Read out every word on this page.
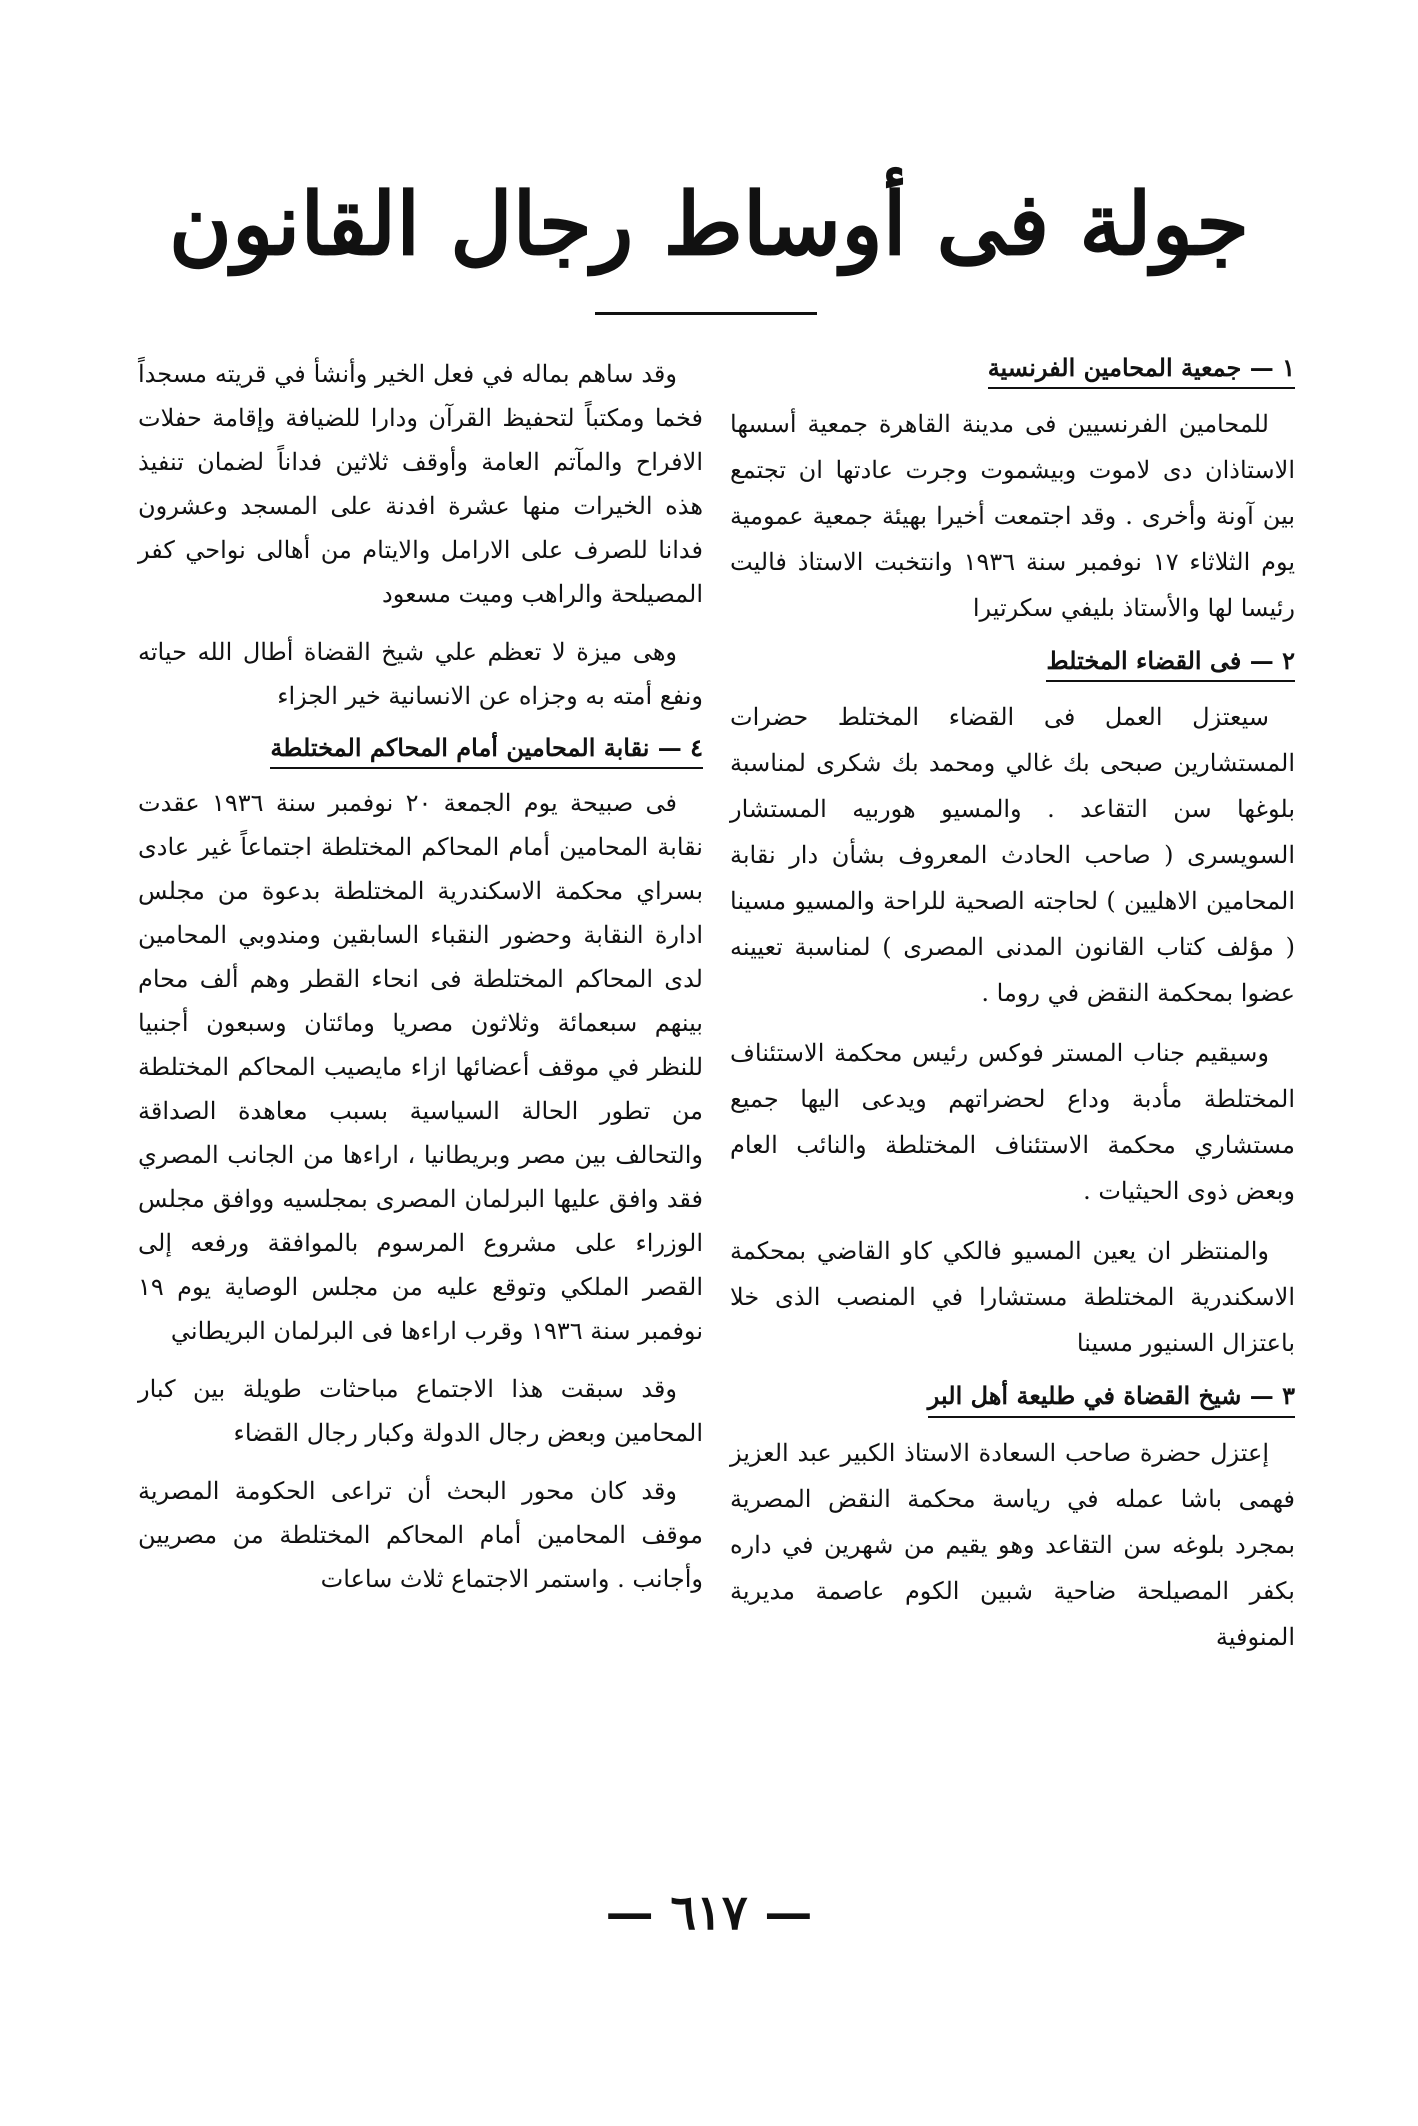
جولة فى أوساط رجال القانون
١ — جمعية المحامين الفرنسية

للمحامين الفرنسيين فى مدينة القاهرة جمعية أسسها الاستاذان دى لاموت وبيشموت وجرت عادتها ان تجتمع بين آونة وأخرى . وقد اجتمعت أخيرا بهيئة جمعية عمومية يوم الثلاثاء ١٧ نوفمبر سنة ١٩٣٦ وانتخبت الاستاذ فاليت رئيسا لها والأستاذ بليفي سكرتيرا

٢ — فى القضاء المختلط

سيعتزل العمل فى القضاء المختلط حضرات المستشارين صبحى بك غالي ومحمد بك شكرى لمناسبة بلوغها سن التقاعد . والمسيو هوربيه المستشار السويسرى ( صاحب الحادث المعروف بشأن دار نقابة المحامين الاهليين ) لحاجته الصحية للراحة والمسيو مسينا ( مؤلف كتاب القانون المدنى المصرى ) لمناسبة تعيينه عضوا بمحكمة النقض في روما .

وسيقيم جناب المستر فوكس رئيس محكمة الاستئناف المختلطة مأدبة وداع لحضراتهم ويدعى اليها جميع مستشاري محكمة الاستئناف المختلطة والنائب العام وبعض ذوى الحيثيات .

والمنتظر ان يعين المسيو فالكي كاو القاضي بمحكمة الاسكندرية المختلطة مستشارا في المنصب الذى خلا باعتزال السنيور مسينا

٣ — شيخ القضاة في طليعة أهل البر

إعتزل حضرة صاحب السعادة الاستاذ الكبير عبد العزيز فهمى باشا عمله في رياسة محكمة النقض المصرية بمجرد بلوغه سن التقاعد وهو يقيم من شهرين في داره بكفر المصيلحة ضاحية شبين الكوم عاصمة مديرية المنوفية

وقد ساهم بماله في فعل الخير وأنشأ في قريته مسجداً فخما ومكتباً لتحفيظ القرآن ودارا للضيافة وإقامة حفلات الافراح والمآتم العامة وأوقف ثلاثين فداناً لضمان تنفيذ هذه الخيرات منها عشرة افدنة على المسجد وعشرون فدانا للصرف على الارامل والايتام من أهالى نواحي كفر المصيلحة والراهب وميت مسعود

وهى ميزة لا تعظم علي شيخ القضاة أطال الله حياته ونفع أمته به وجزاه عن الانسانية خير الجزاء

٤ — نقابة المحامين أمام المحاكم المختلطة

فى صبيحة يوم الجمعة ٢٠ نوفمبر سنة ١٩٣٦ عقدت نقابة المحامين أمام المحاكم المختلطة اجتماعاً غير عادى بسراي محكمة الاسكندرية المختلطة بدعوة من مجلس ادارة النقابة وحضور النقباء السابقين ومندوبي المحامين لدى المحاكم المختلطة فى انحاء القطر وهم ألف محام بينهم سبعمائة وثلاثون مصريا ومائتان وسبعون أجنبيا للنظر في موقف أعضائها ازاء مايصيب المحاكم المختلطة من تطور الحالة السياسية بسبب معاهدة الصداقة والتحالف بين مصر وبريطانيا ، اراءها من الجانب المصري فقد وافق عليها البرلمان المصرى بمجلسيه ووافق مجلس الوزراء على مشروع المرسوم بالموافقة ورفعه إلى القصر الملكي وتوقع عليه من مجلس الوصاية يوم ١٩ نوفمبر سنة ١٩٣٦ وقرب اراءها فى البرلمان البريطاني

وقد سبقت هذا الاجتماع مباحثات طويلة بين كبار المحامين وبعض رجال الدولة وكبار رجال القضاء

وقد كان محور البحث أن تراعى الحكومة المصرية موقف المحامين أمام المحاكم المختلطة من مصريين وأجانب . واستمر الاجتماع ثلاث ساعات

— ٦١٧ —
